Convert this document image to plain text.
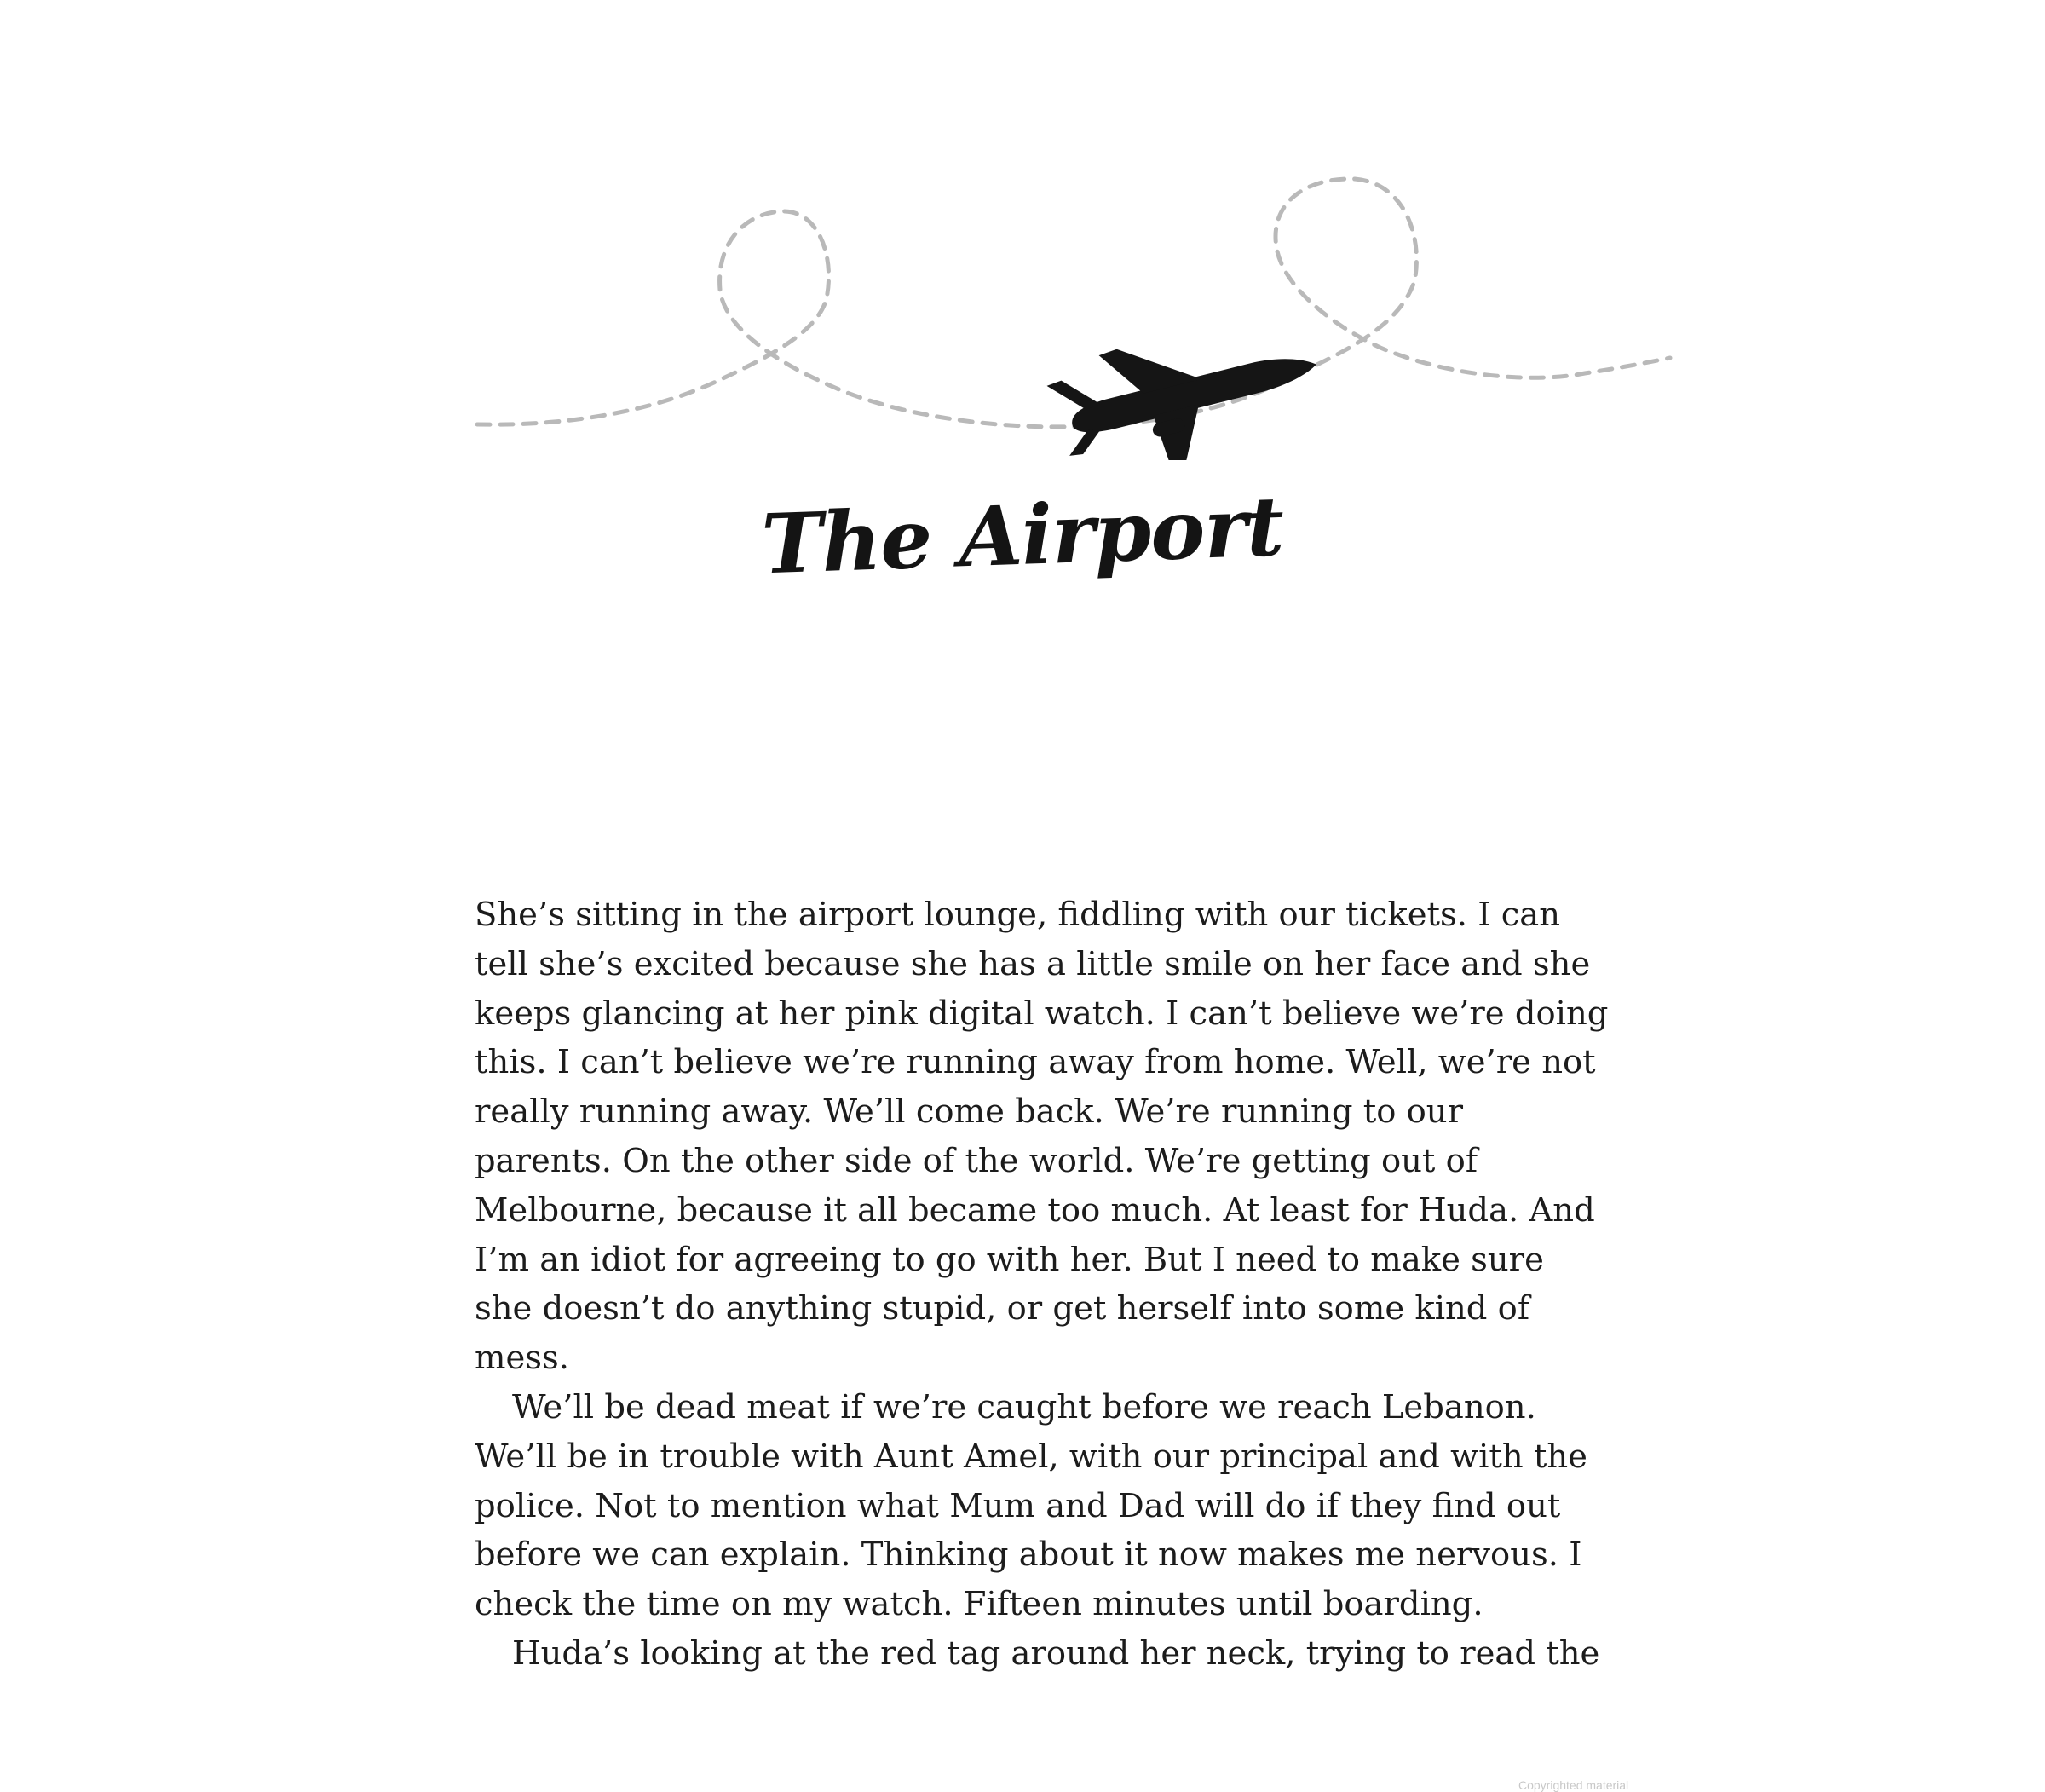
The Airport

She’s sitting in the airport lounge, fiddling with our tickets. I can
tell she’s excited because she has a little smile on her face and she
keeps glancing at her pink digital watch. I can’t believe we’re doing
this. I can’t believe we’re running away from home. Well, we’re not
really running away. We’ll come back. We’re running to our
parents. On the other side of the world. We’re getting out of
Melbourne, because it all became too much. At least for Huda. And
I’m an idiot for agreeing to go with her. But I need to make sure
she doesn’t do anything stupid, or get herself into some kind of
mess.

We’ll be dead meat if we’re caught before we reach Lebanon.
We’ll be in trouble with Aunt Amel, with our principal and with the
police. Not to mention what Mum and Dad will do if they find out
before we can explain. Thinking about it now makes me nervous. I
check the time on my watch. Fifteen minutes until boarding.

Huda’s looking at the red tag around her neck, trying to read the

Copyrighted material
